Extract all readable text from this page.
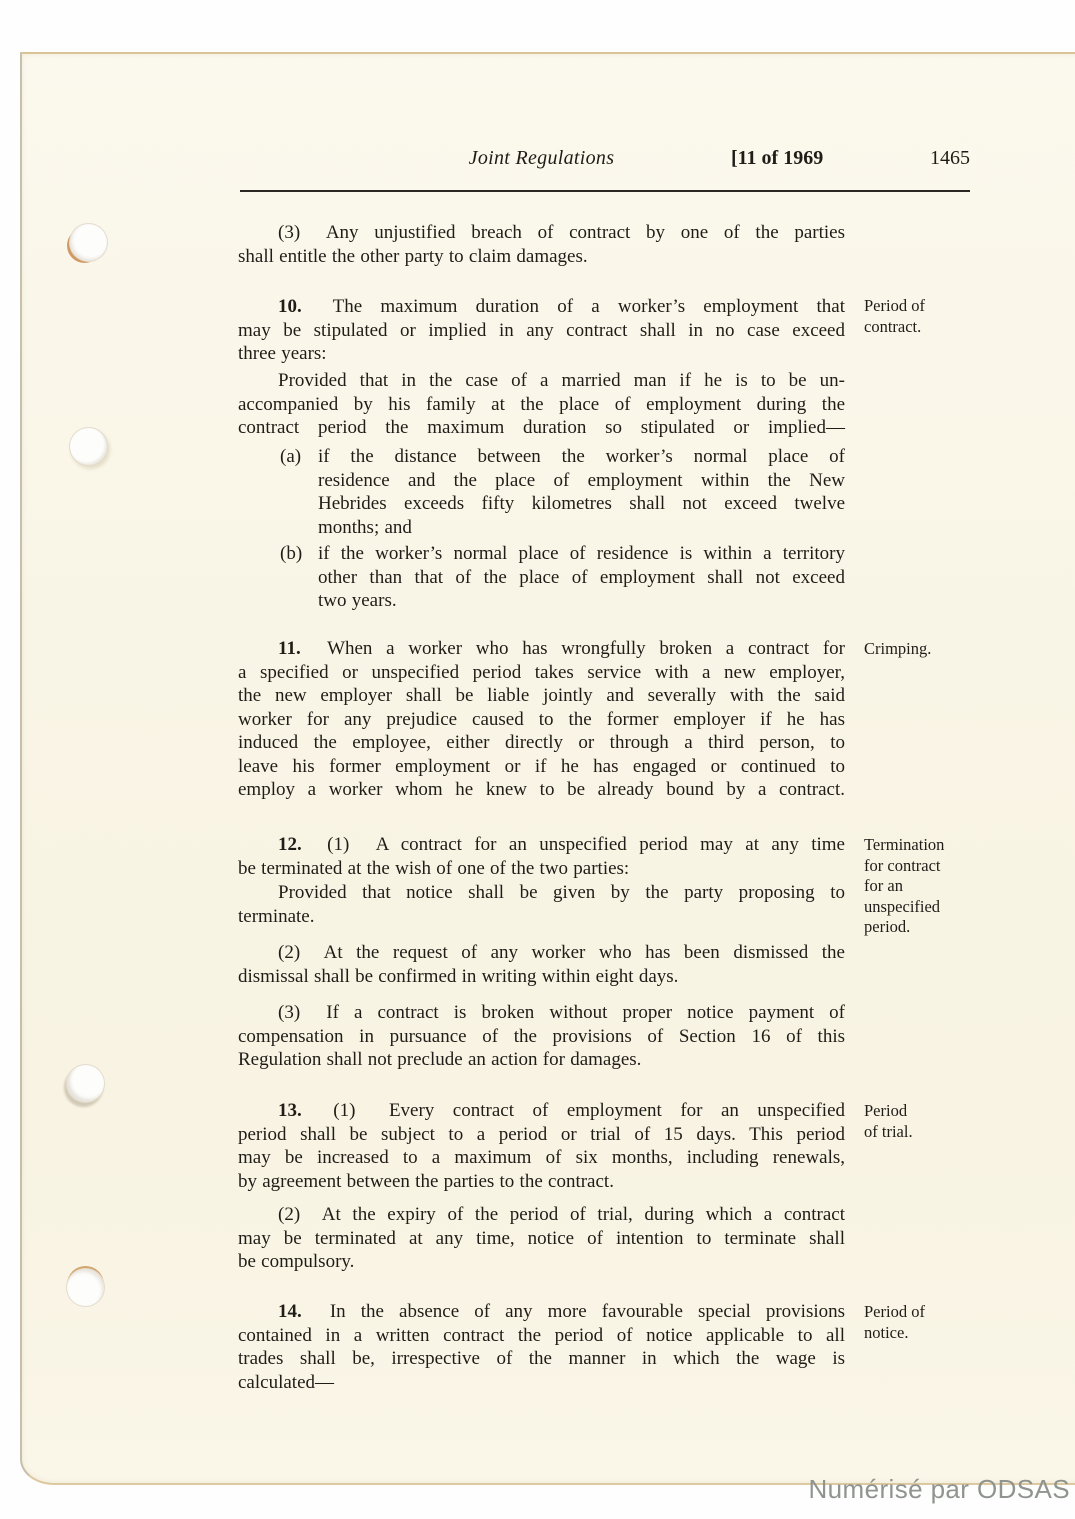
Joint Regulations	[11 of 1969	1465
(3) Any unjustified breach of contract by one of the parties
shall entitle the other party to claim damages.
10. The maximum duration of a worker’s employment that
may be stipulated or implied in any contract shall in no case exceed
three years:
Provided that in the case of a married man if he is to be un-
accompanied by his family at the place of employment during the
contract period the maximum duration so stipulated or implied—
(a) if the distance between the worker’s normal place of
residence and the place of employment within the New
Hebrides exceeds fifty kilometres shall not exceed twelve
months; and
(b) if the worker’s normal place of residence is within a territory
other than that of the place of employment shall not exceed
two years.
11. When a worker who has wrongfully broken a contract for
a specified or unspecified period takes service with a new employer,
the new employer shall be liable jointly and severally with the said
worker for any prejudice caused to the former employer if he has
induced the employee, either directly or through a third person, to
leave his former employment or if he has engaged or continued to
employ a worker whom he knew to be already bound by a contract.
12. (1) A contract for an unspecified period may at any time
be terminated at the wish of one of the two parties:
Provided that notice shall be given by the party proposing to
terminate.
(2) At the request of any worker who has been dismissed the
dismissal shall be confirmed in writing within eight days.
(3) If a contract is broken without proper notice payment of
compensation in pursuance of the provisions of Section 16 of this
Regulation shall not preclude an action for damages.
13. (1) Every contract of employment for an unspecified
period shall be subject to a period or trial of 15 days. This period
may be increased to a maximum of six months, including renewals,
by agreement between the parties to the contract.
(2) At the expiry of the period of trial, during which a contract
may be terminated at any time, notice of intention to terminate shall
be compulsory.
14. In the absence of any more favourable special provisions
contained in a written contract the period of notice applicable to all
trades shall be, irrespective of the manner in which the wage is
calculated—
Period of
contract.
Crimping.
Termination
for contract
for an
unspecified
period.
Period
of trial.
Period of
notice.
Numérisé par ODSAS
